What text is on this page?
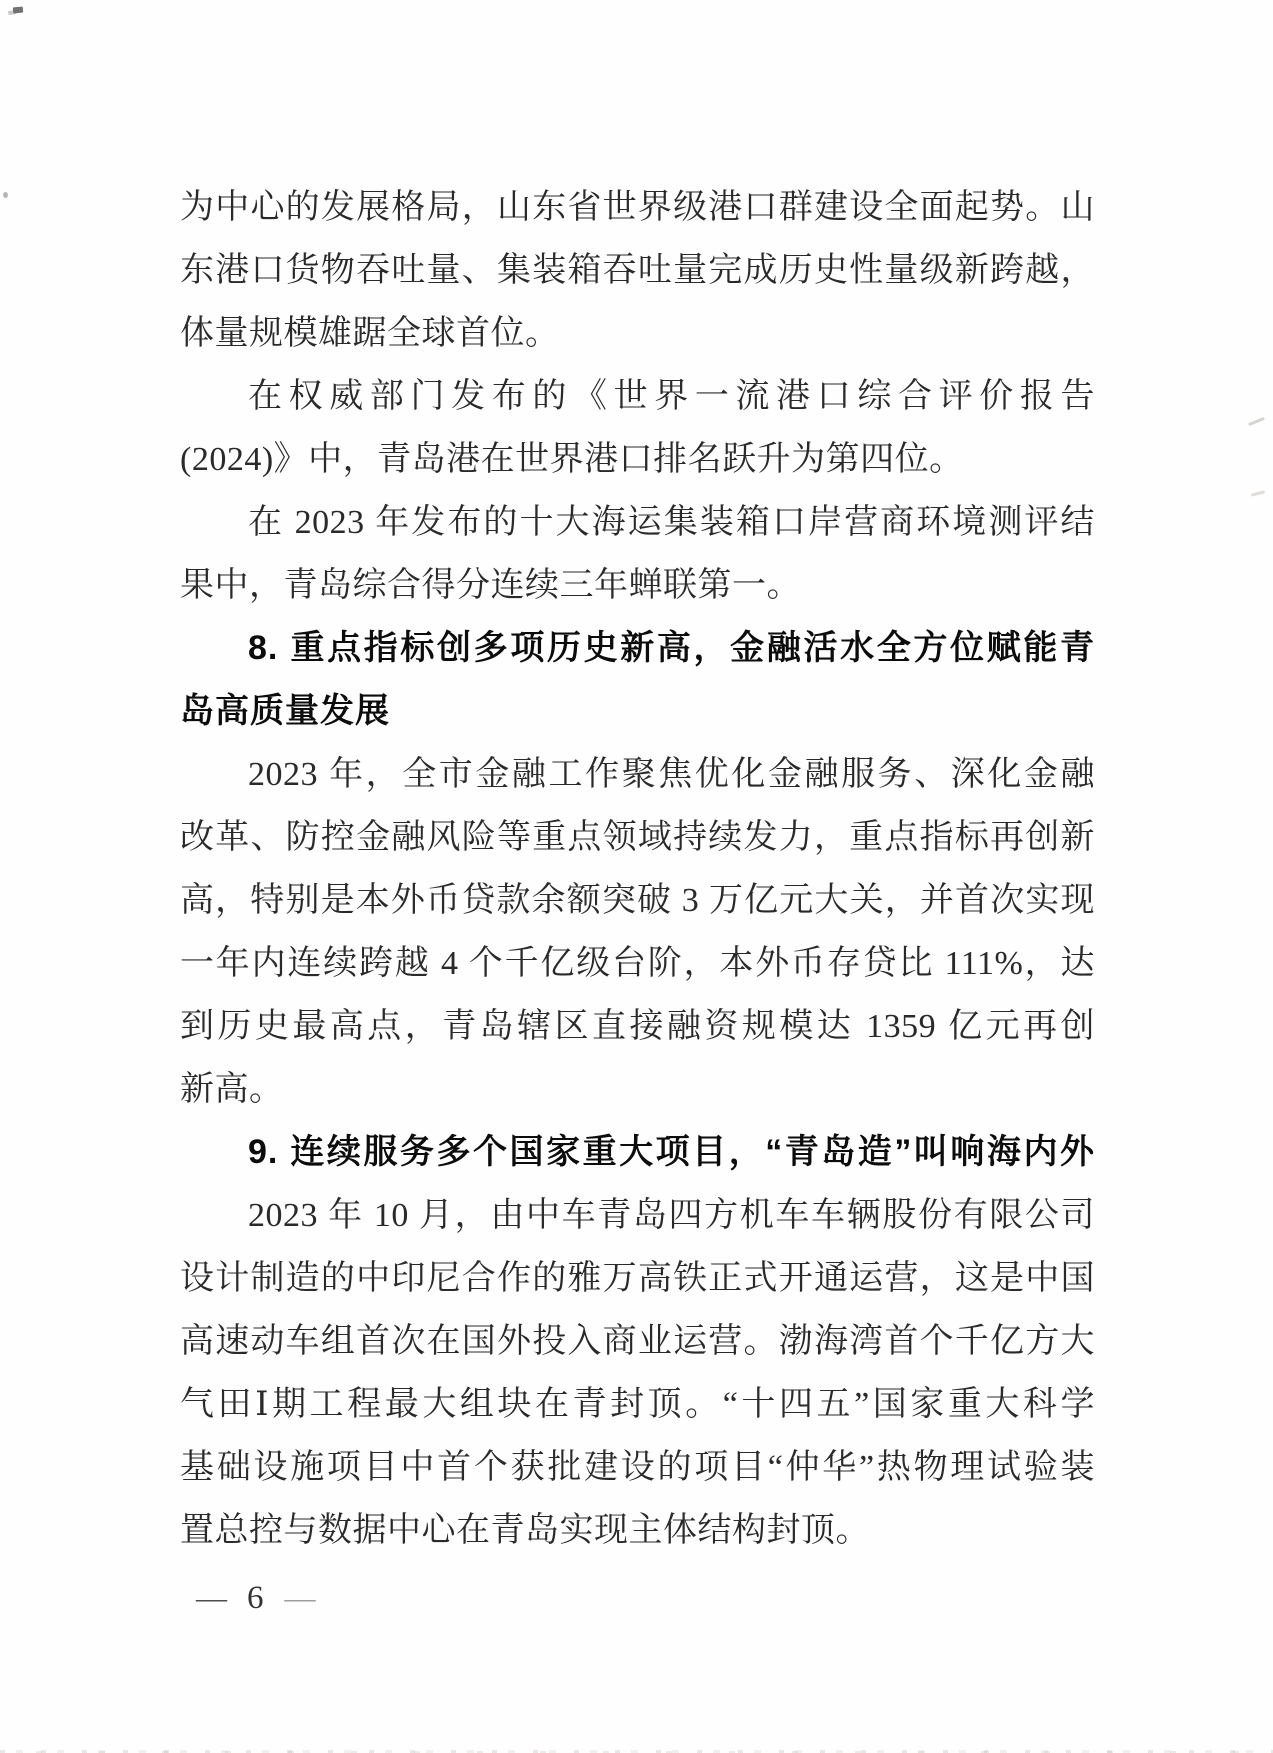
为中心的发展格局，山东省世界级港口群建设全面起势。山
东港口货物吞吐量、集装箱吞吐量完成历史性量级新跨越，
体量规模雄踞全球首位。
在权威部门发布的《世界一流港口综合评价报告
(2024)》中，青岛港在世界港口排名跃升为第四位。
在 2023 年发布的十大海运集装箱口岸营商环境测评结
果中，青岛综合得分连续三年蝉联第一。
8. 重点指标创多项历史新高，金融活水全方位赋能青
岛高质量发展
2023 年，全市金融工作聚焦优化金融服务、深化金融
改革、防控金融风险等重点领域持续发力，重点指标再创新
高，特别是本外币贷款余额突破 3 万亿元大关，并首次实现
一年内连续跨越 4 个千亿级台阶，本外币存贷比 111%，达
到历史最高点，青岛辖区直接融资规模达 1359 亿元再创
新高。
9. 连续服务多个国家重大项目，“青岛造”叫响海内外
2023 年 10 月，由中车青岛四方机车车辆股份有限公司
设计制造的中印尼合作的雅万高铁正式开通运营，这是中国
高速动车组首次在国外投入商业运营。渤海湾首个千亿方大
气田Ⅰ期工程最大组块在青封顶。“十四五”国家重大科学
基础设施项目中首个获批建设的项目“仲华”热物理试验装
置总控与数据中心在青岛实现主体结构封顶。
— 6 —
